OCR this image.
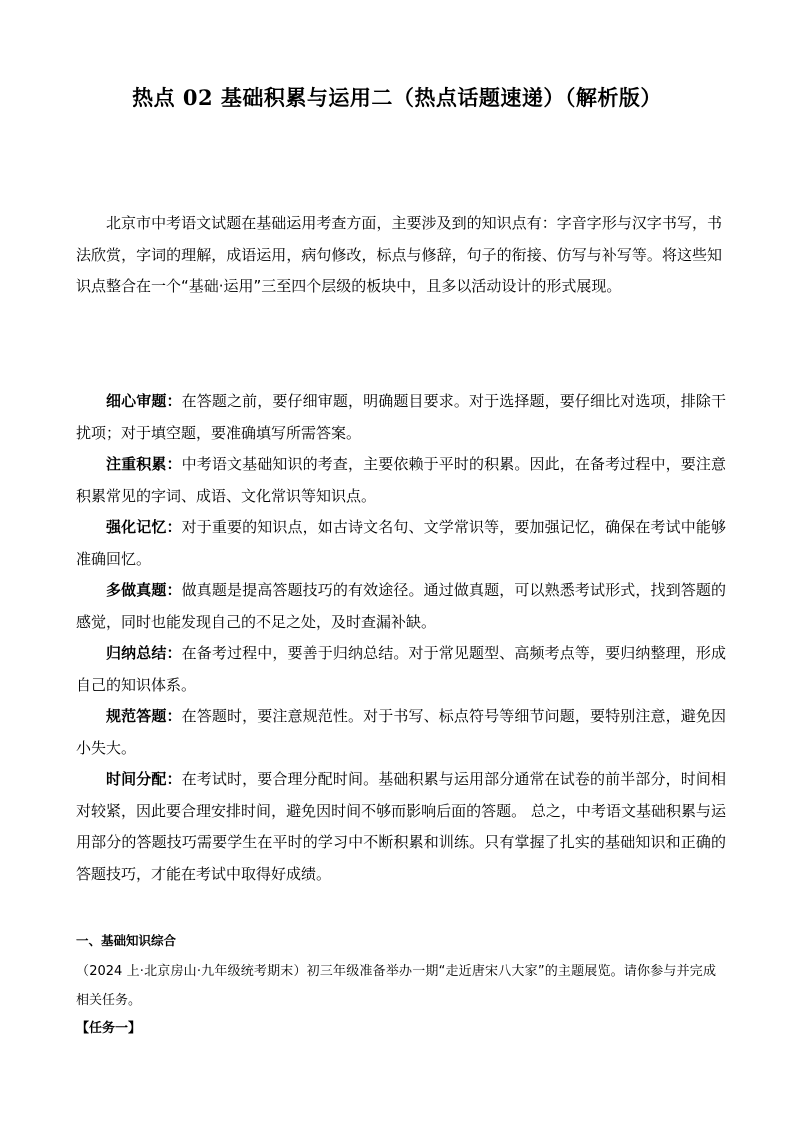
热点 02 基础积累与运用二（热点话题速递）（解析版）
北京市中考语文试题在基础运用考查方面，主要涉及到的知识点有：字音字形与汉字书写，书法欣赏，字词的理解，成语运用，病句修改，标点与修辞，句子的衔接、仿写与补写等。将这些知识点整合在一个“基础·运用”三至四个层级的板块中，且多以活动设计的形式展现。

细心审题：在答题之前，要仔细审题，明确题目要求。对于选择题，要仔细比对选项，排除干扰项；对于填空题，要准确填写所需答案。

注重积累：中考语文基础知识的考查，主要依赖于平时的积累。因此，在备考过程中，要注意积累常见的字词、成语、文化常识等知识点。

强化记忆：对于重要的知识点，如古诗文名句、文学常识等，要加强记忆，确保在考试中能够准确回忆。

多做真题：做真题是提高答题技巧的有效途径。通过做真题，可以熟悉考试形式，找到答题的感觉，同时也能发现自己的不足之处，及时查漏补缺。

归纳总结：在备考过程中，要善于归纳总结。对于常见题型、高频考点等，要归纳整理，形成自己的知识体系。

规范答题：在答题时，要注意规范性。对于书写、标点符号等细节问题，要特别注意，避免因小失大。

时间分配：在考试时，要合理分配时间。基础积累与运用部分通常在试卷的前半部分，时间相对较紧，因此要合理安排时间，避免因时间不够而影响后面的答题。 总之，中考语文基础积累与运用部分的答题技巧需要学生在平时的学习中不断积累和训练。只有掌握了扎实的基础知识和正确的答题技巧，才能在考试中取得好成绩。

一、基础知识综合
（2024 上·北京房山·九年级统考期末）初三年级准备举办一期“走近唐宋八大家”的主题展览。请你参与并完成相关任务。
【任务一】
